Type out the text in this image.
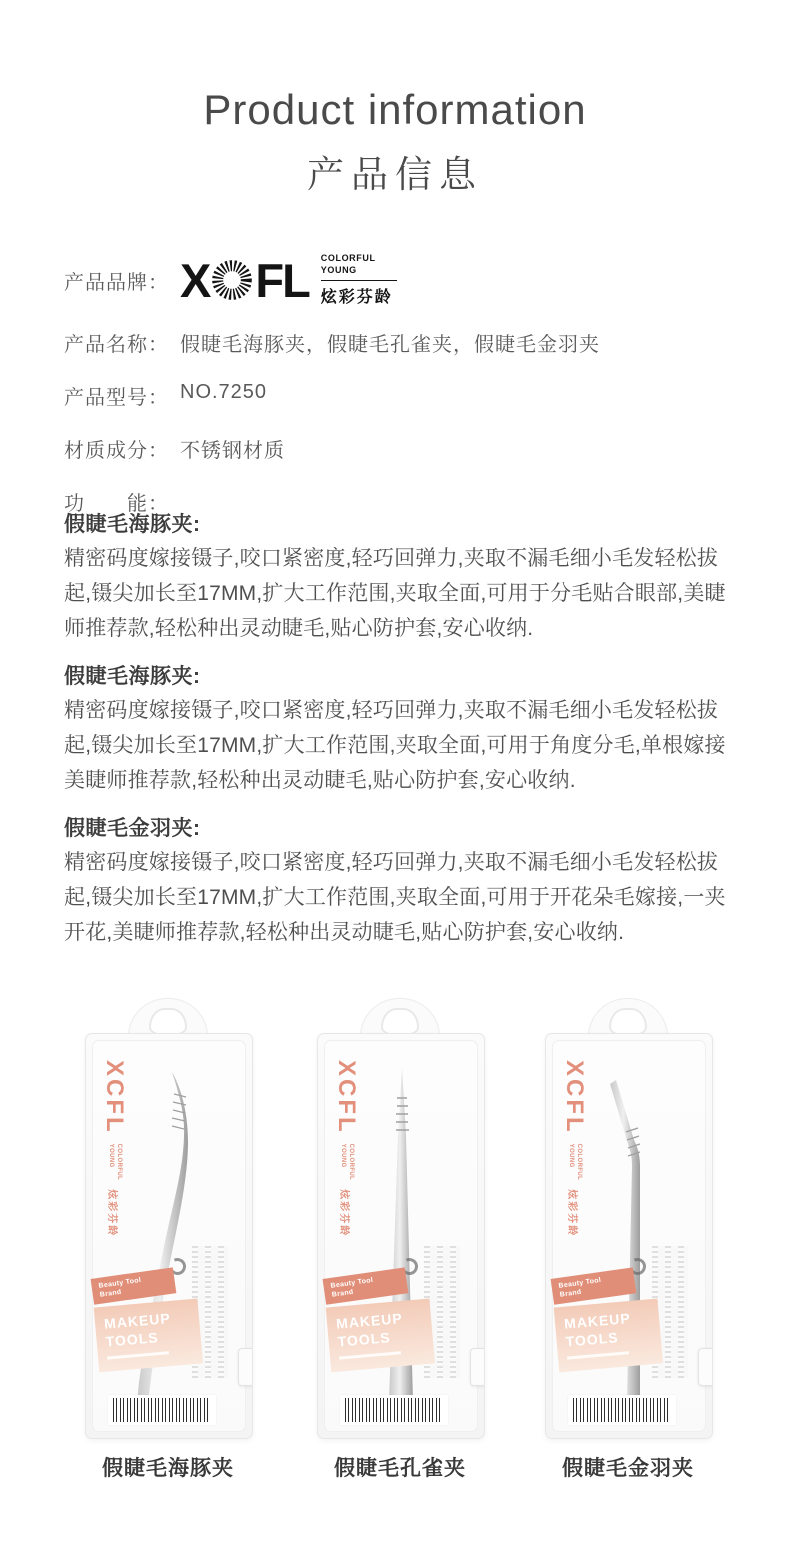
Product information
产品信息
产品品牌： X FL COLORFUL
YOUNG
炫彩芬龄
产品名称： 假睫毛海豚夹，假睫毛孔雀夹，假睫毛金羽夹
产品型号： NO.7250
材质成分： 不锈钢材质
功　　能：
假睫毛海豚夹:

精密码度嫁接镊子,咬口紧密度,轻巧回弹力,夹取不漏毛细小毛发轻松拔起,镊尖加长至17MM,扩大工作范围,夹取全面,可用于分毛贴合眼部,美睫师推荐款,轻松种出灵动睫毛,贴心防护套,安心收纳.

假睫毛海豚夹:

精密码度嫁接镊子,咬口紧密度,轻巧回弹力,夹取不漏毛细小毛发轻松拔起,镊尖加长至17MM,扩大工作范围,夹取全面,可用于角度分毛,单根嫁接美睫师推荐款,轻松种出灵动睫毛,贴心防护套,安心收纳.

假睫毛金羽夹:

精密码度嫁接镊子,咬口紧密度,轻巧回弹力,夹取不漏毛细小毛发轻松拔起,镊尖加长至17MM,扩大工作范围,夹取全面,可用于开花朵毛嫁接,一夹开花,美睫师推荐款,轻松种出灵动睫毛,贴心防护套,安心收纳.

XCFL
COLORFUL
YOUNG
炫彩芬龄
Beauty Tool
Brand
MAKEUP
TOOLS
假睫毛海豚夹
XCFL
COLORFUL
YOUNG
炫彩芬龄
Beauty Tool
Brand
MAKEUP
TOOLS
假睫毛孔雀夹
XCFL
COLORFUL
YOUNG
炫彩芬龄
Beauty Tool
Brand
MAKEUP
TOOLS
假睫毛金羽夹
